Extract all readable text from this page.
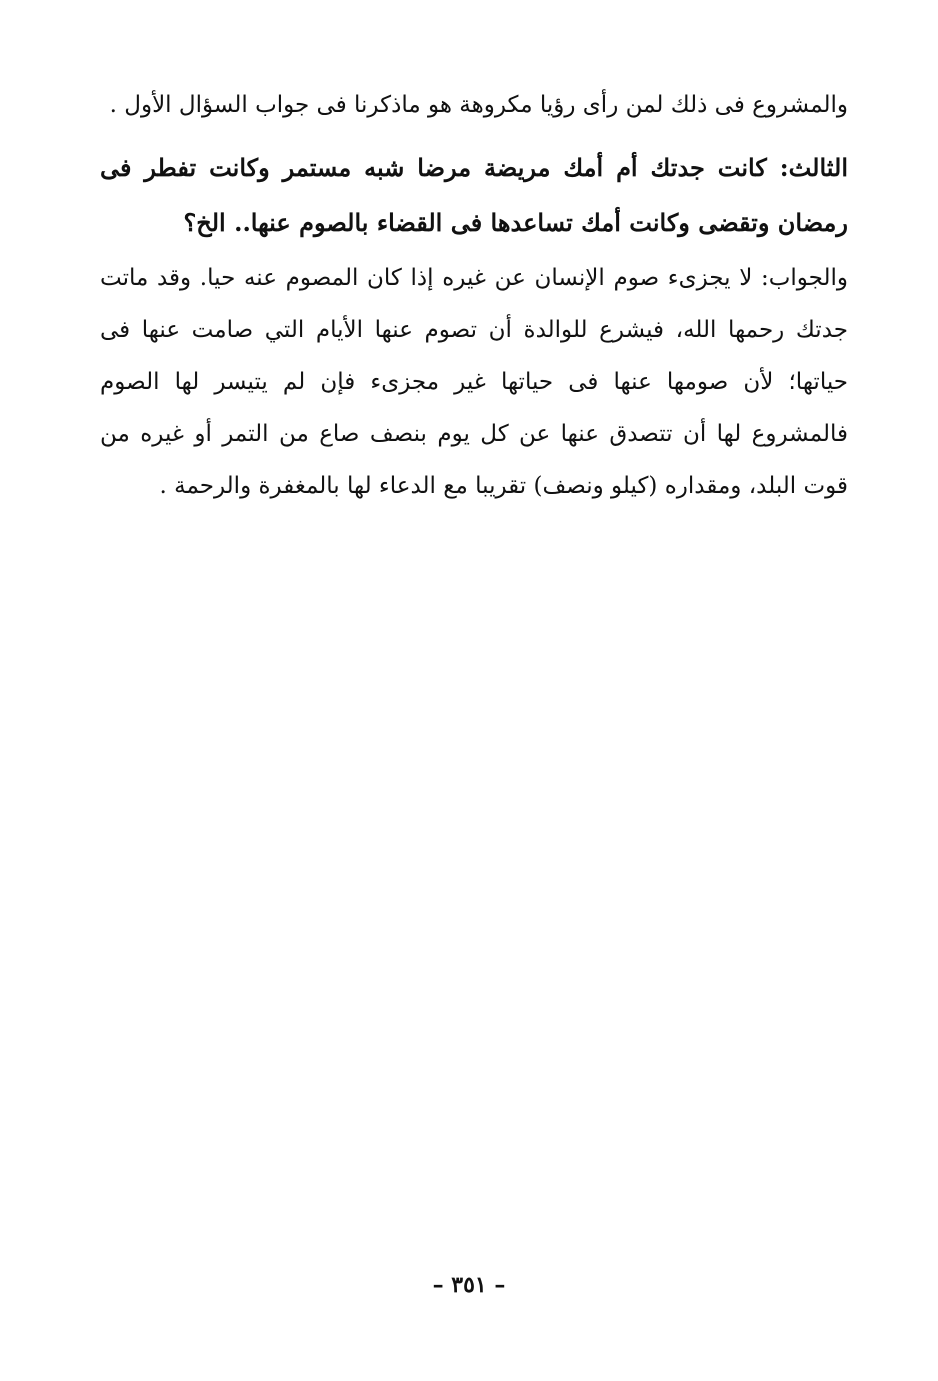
والمشروع فى ذلك لمن رأى رؤيا مكروهة هو ماذكرنا فى جواب السؤال الأول .

الثالث: كانت جدتك أم أمك مريضة مرضا شبه مستمر وكانت تفطر فى رمضان وتقضى وكانت أمك تساعدها فى القضاء بالصوم عنها.. الخ؟

والجواب: لا يجزىء صوم الإنسان عن غيره إذا كان المصوم عنه حيا. وقد ماتت جدتك رحمها الله، فيشرع للوالدة أن تصوم عنها الأيام التي صامت عنها فى حياتها؛ لأن صومها عنها فى حياتها غير مجزىء فإن لم يتيسر لها الصوم فالمشروع لها أن تتصدق عنها عن كل يوم بنصف صاع من التمر أو غيره من قوت البلد، ومقداره (كيلو ونصف) تقريبا مع الدعاء لها بالمغفرة والرحمة .

– ٣٥١ –
